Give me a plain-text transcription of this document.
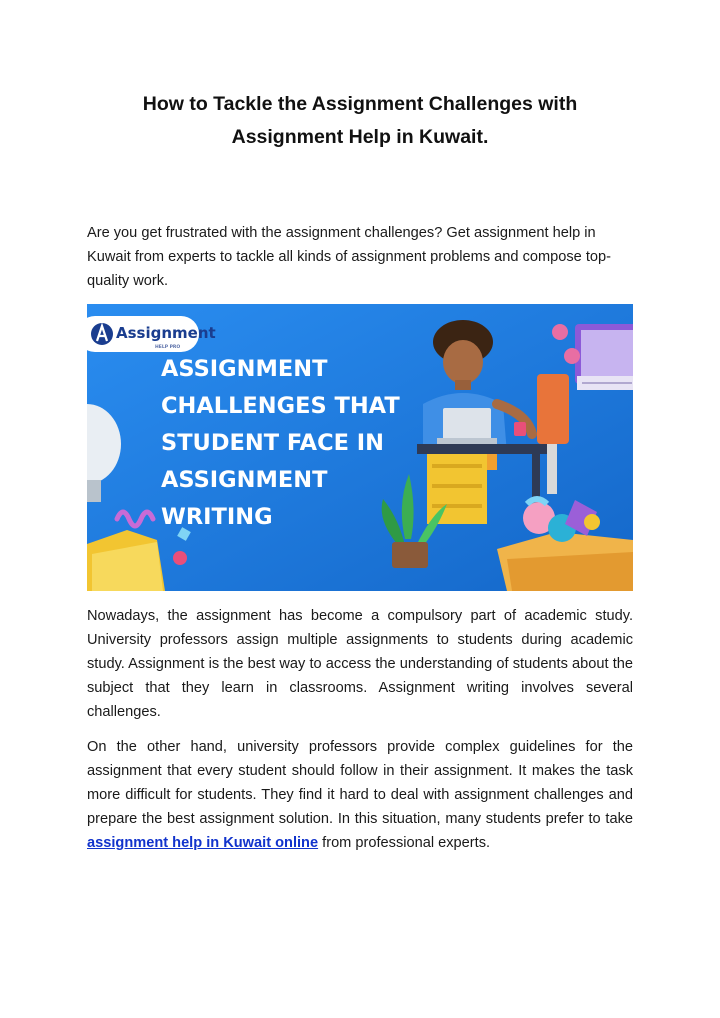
How to Tackle the Assignment Challenges with
Assignment Help in Kuwait.
Are you get frustrated with the assignment challenges? Get assignment help in Kuwait from experts to tackle all kinds of assignment problems and compose top-quality work.
Assignment
HELP PRO
ASSIGNMENT
CHALLENGES THAT
STUDENT FACE IN
ASSIGNMENT
WRITING
Nowadays, the assignment has become a compulsory part of academic study. University professors assign multiple assignments to students during academic study. Assignment is the best way to access the understanding of students about the subject that they learn in classrooms. Assignment writing involves several challenges.
On the other hand, university professors provide complex guidelines for the assignment that every student should follow in their assignment. It makes the task more difficult for students. They find it hard to deal with assignment challenges and prepare the best assignment solution. In this situation, many students prefer to take assignment help in Kuwait online from professional experts.
